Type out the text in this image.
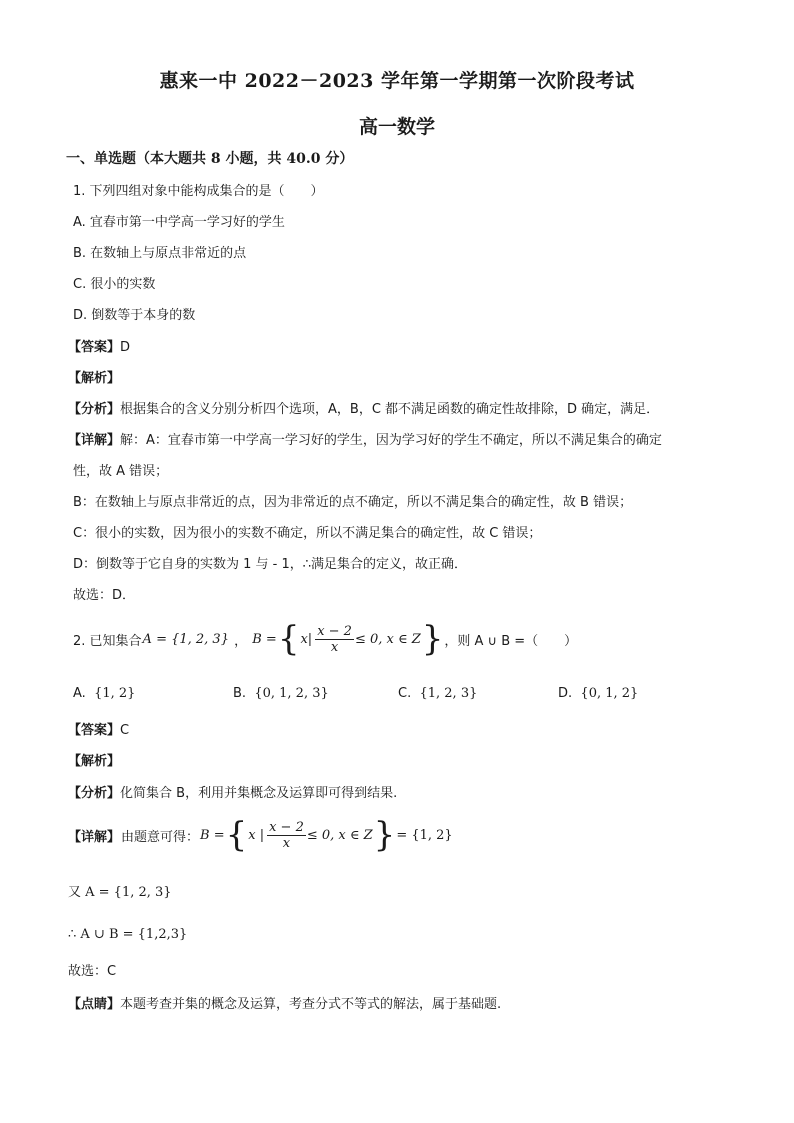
惠来一中 2022－2023 学年第一学期第一次阶段考试
高一数学
一、单选题（本大题共 8 小题，共 40.0 分）
1. 下列四组对象中能构成集合的是（　　）
A. 宜春市第一中学高一学习好的学生
B. 在数轴上与原点非常近的点
C. 很小的实数
D. 倒数等于本身的数
【答案】D
【解析】
【分析】根据集合的含义分别分析四个选项，A，B，C 都不满足函数的确定性故排除，D 确定，满足．
【详解】解：A：宜春市第一中学高一学习好的学生，因为学习好的学生不确定，所以不满足集合的确定
性，故 A 错误；
B：在数轴上与原点非常近的点，因为非常近的点不确定，所以不满足集合的确定性，故 B 错误；
C：很小的实数，因为很小的实数不确定，所以不满足集合的确定性，故 C 错误；
D：倒数等于它自身的实数为 1 与 - 1，∴满足集合的定义，故正确．
故选：D．
2. 已知集合 A = {1, 2, 3} ， B = { $x| \frac{x - 2}{x} \le 0$, x ∈ Z } ，则 A ∪ B =（　　）
A. {1, 2}	B. {0, 1, 2, 3}	C. {1, 2, 3}	D. {0, 1, 2}
【答案】C
【解析】
【分析】化简集合 B，利用并集概念及运算即可得到结果.
【详解】 由题意可得： B = { x | $\frac{x - 2}{x} \le 0$, x ∈ Z } = {1, 2}
又 A = {1, 2, 3}
∴ A ∪ B = {1,2,3}
故选：C
【点睛】本题考查并集的概念及运算，考查分式不等式的解法，属于基础题.
